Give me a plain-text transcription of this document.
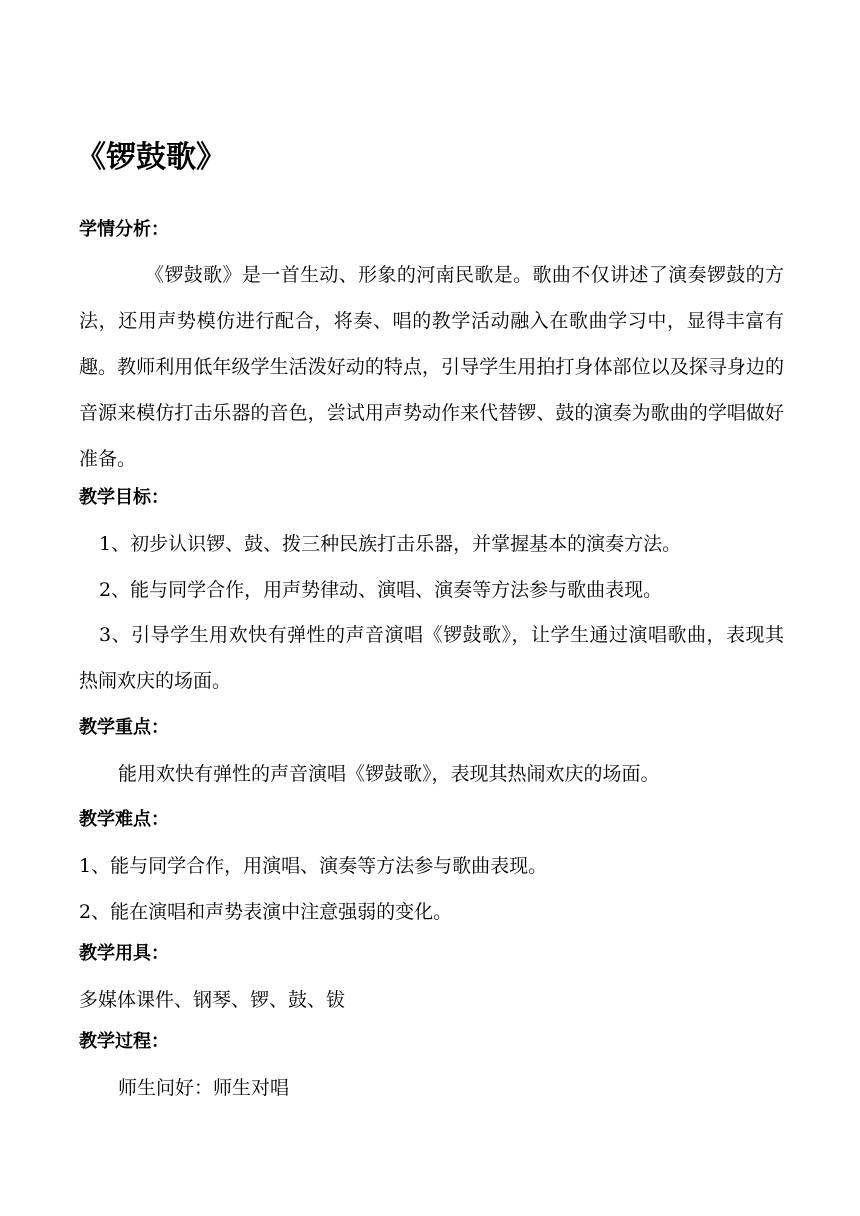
《锣鼓歌》
学情分析：
《锣鼓歌》是一首生动、形象的河南民歌是。歌曲不仅讲述了演奏锣鼓的方法，还用声势模仿进行配合，将奏、唱的教学活动融入在歌曲学习中，显得丰富有趣。教师利用低年级学生活泼好动的特点，引导学生用拍打身体部位以及探寻身边的音源来模仿打击乐器的音色，尝试用声势动作来代替锣、鼓的演奏为歌曲的学唱做好准备。
教学目标：
1、初步认识锣、鼓、拨三种民族打击乐器，并掌握基本的演奏方法。
2、能与同学合作，用声势律动、演唱、演奏等方法参与歌曲表现。
3、引导学生用欢快有弹性的声音演唱《锣鼓歌》，让学生通过演唱歌曲，表现其热闹欢庆的场面。
教学重点：
能用欢快有弹性的声音演唱《锣鼓歌》，表现其热闹欢庆的场面。
教学难点：
1、能与同学合作，用演唱、演奏等方法参与歌曲表现。
2、能在演唱和声势表演中注意强弱的变化。
教学用具：
多媒体课件、钢琴、锣、鼓、钹
教学过程：
师生问好：师生对唱
